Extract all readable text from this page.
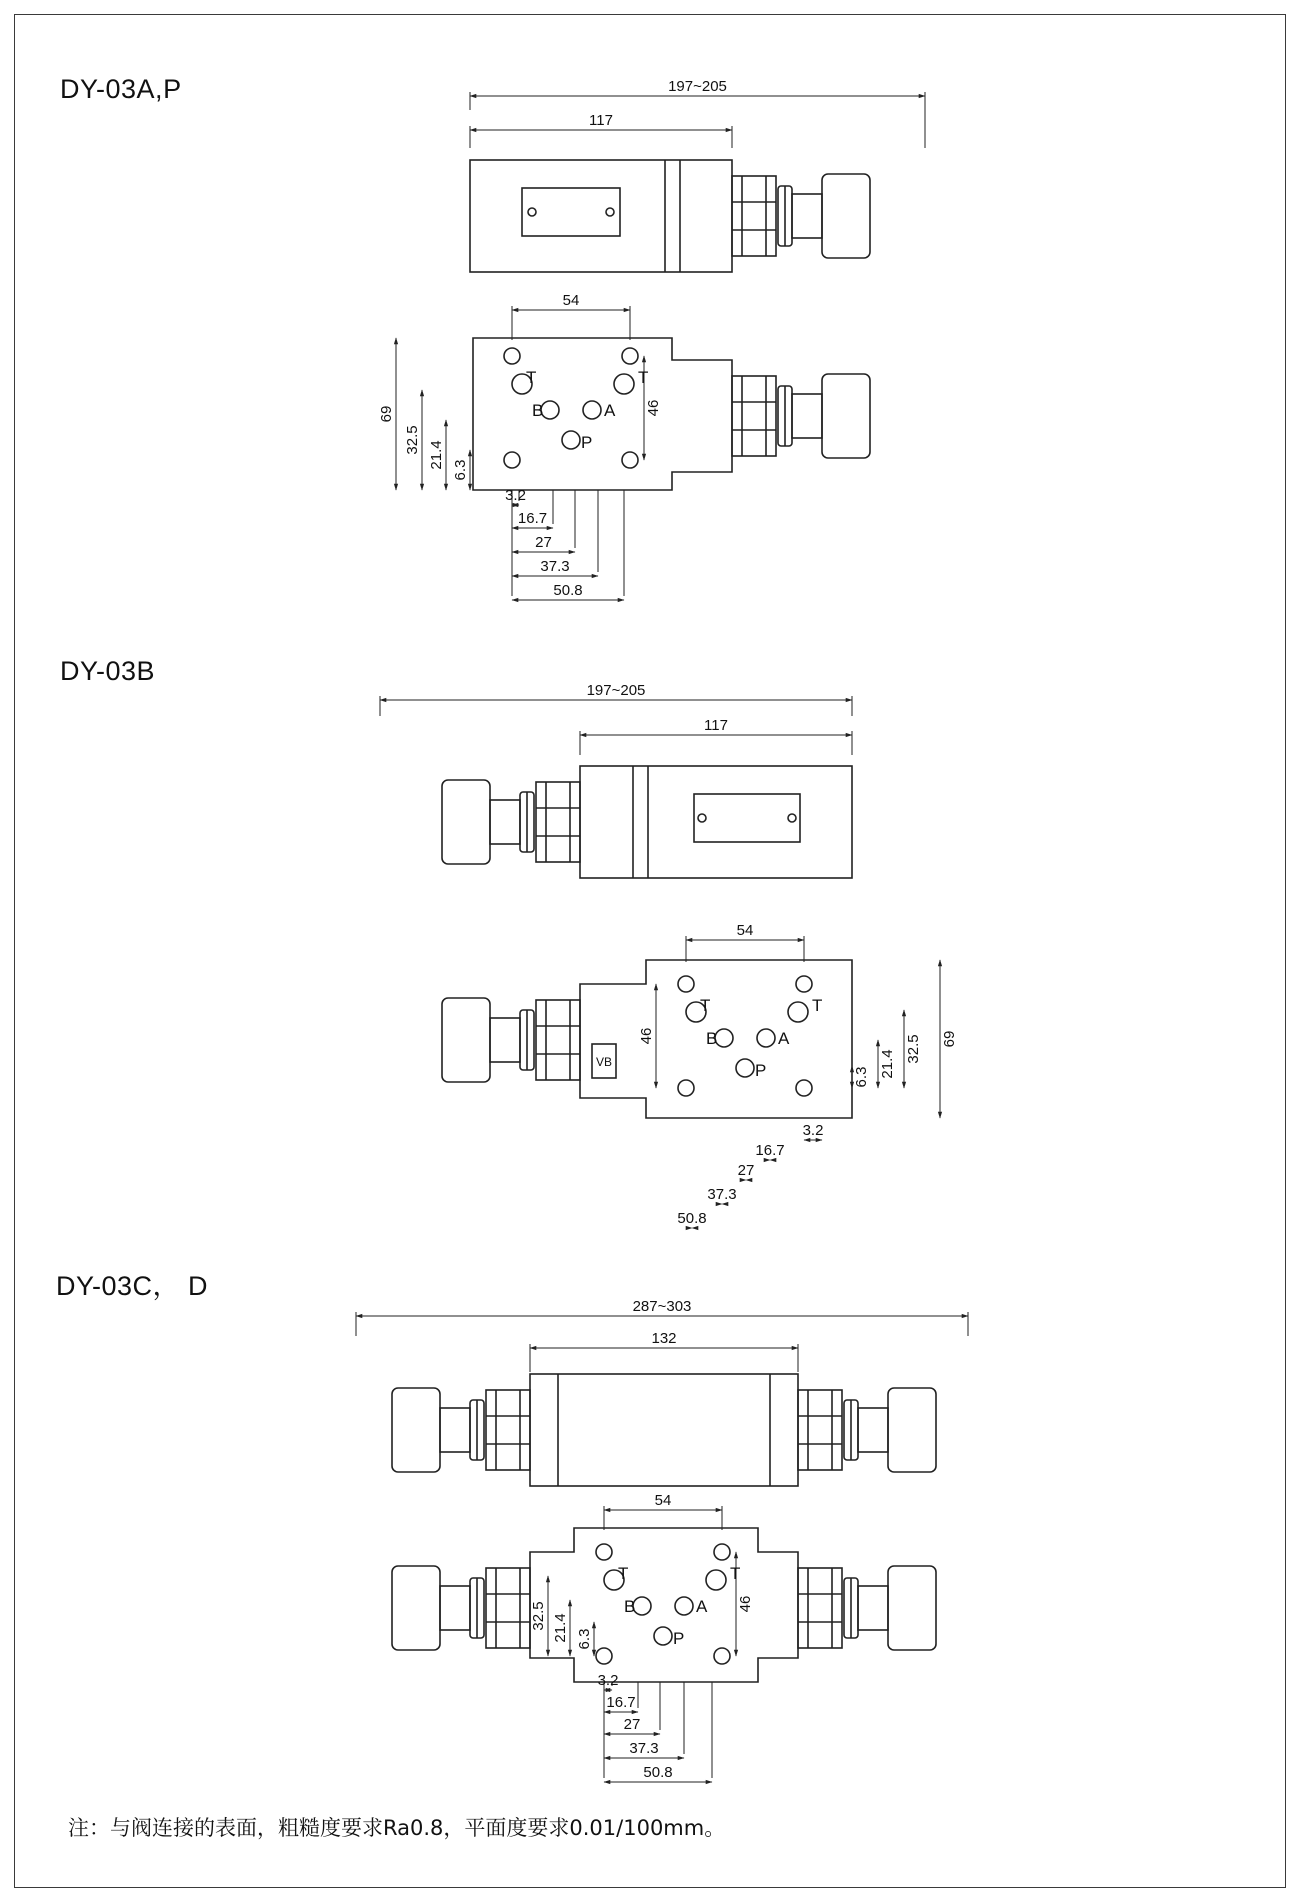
DY-03A,P
DY-03B
DY-03C， D
197~205
117
T	T
B	A
P
54
69	46
32.5
21.4
6.3
3.2
16.7
27
37.3
50.8
197~205
117
VB
T	T
B	A
P
54
69
46	32.5
21.4
6.3
3.2
16.7
27
37.3
50.8
287~303
132
T	T
B	A
P
54
46
32.5 21.4 6.3
3.2
16.7
27
37.3
50.8
注：与阀连接的表面，粗糙度要求Ra0.8，平面度要求0.01/100mm。
